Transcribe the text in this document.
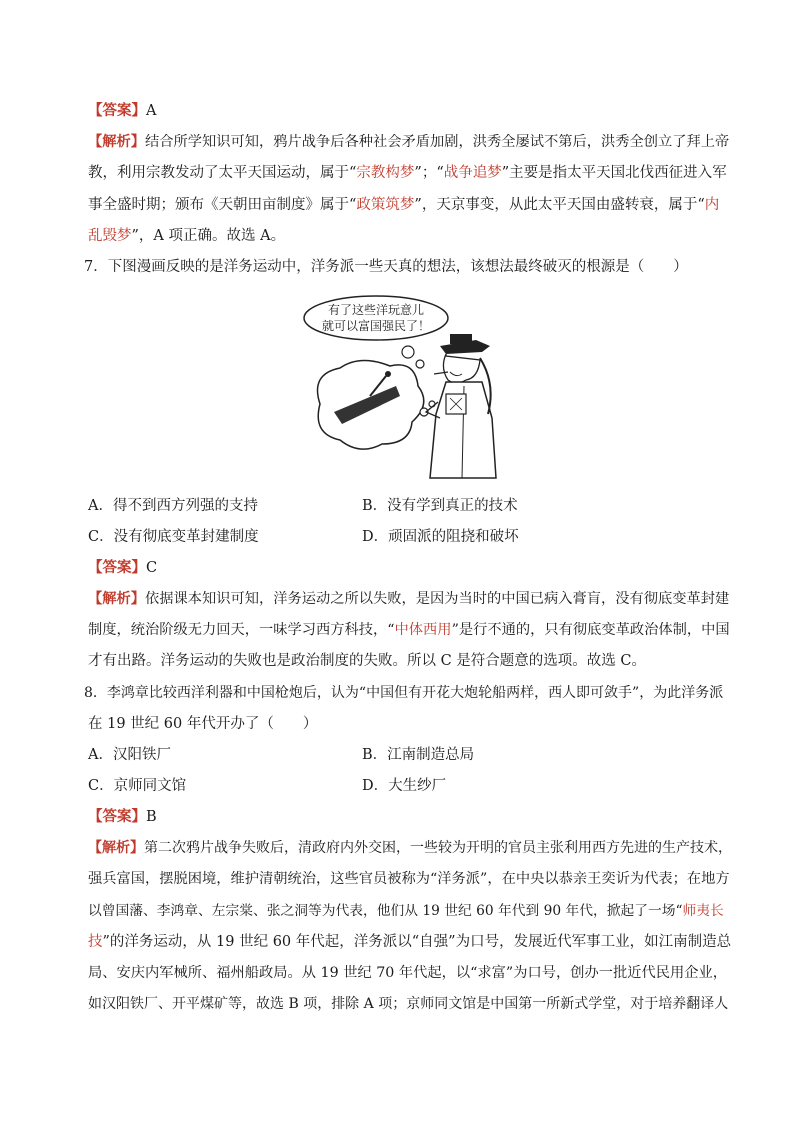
【答案】A
【解析】结合所学知识可知，鸦片战争后各种社会矛盾加剧，洪秀全屡试不第后，洪秀全创立了拜上帝
教，利用宗教发动了太平天国运动，属于“宗教构梦”；“战争追梦”主要是指太平天国北伐西征进入军
事全盛时期；颁布《天朝田亩制度》属于“政策筑梦”，天京事变，从此太平天国由盛转衰，属于“内
乱毁梦”，A 项正确。故选 A。
7．下图漫画反映的是洋务运动中，洋务派一些天真的想法，该想法最终破灭的根源是（　　）
有了这些洋玩意儿
就可以富国强民了！
A．得不到西方列强的支持	B．没有学到真正的技术
C．没有彻底变革封建制度	D．顽固派的阻挠和破坏
【答案】C
【解析】依据课本知识可知，洋务运动之所以失败，是因为当时的中国已病入膏肓，没有彻底变革封建
制度，统治阶级无力回天，一味学习西方科技，“中体西用”是行不通的，只有彻底变革政治体制，中国
才有出路。洋务运动的失败也是政治制度的失败。所以 C 是符合题意的选项。故选 C。
8．李鸿章比较西洋利器和中国枪炮后，认为“中国但有开花大炮轮船两样，西人即可敛手”，为此洋务派
在 19 世纪 60 年代开办了（　　）
A．汉阳铁厂	B．江南制造总局
C．京师同文馆	D．大生纱厂
【答案】B
【解析】第二次鸦片战争失败后，清政府内外交困，一些较为开明的官员主张利用西方先进的生产技术，
强兵富国，摆脱困境，维护清朝统治，这些官员被称为“洋务派”，在中央以恭亲王奕䜣为代表；在地方
以曾国藩、李鸿章、左宗棠、张之洞等为代表，他们从 19 世纪 60 年代到 90 年代，掀起了一场“师夷长
技”的洋务运动，从 19 世纪 60 年代起，洋务派以“自强”为口号，发展近代军事工业，如江南制造总
局、安庆内军械所、福州船政局。从 19 世纪 70 年代起，以“求富”为口号，创办一批近代民用企业，
如汉阳铁厂、开平煤矿等，故选 B 项，排除 A 项；京师同文馆是中国第一所新式学堂，对于培养翻译人
